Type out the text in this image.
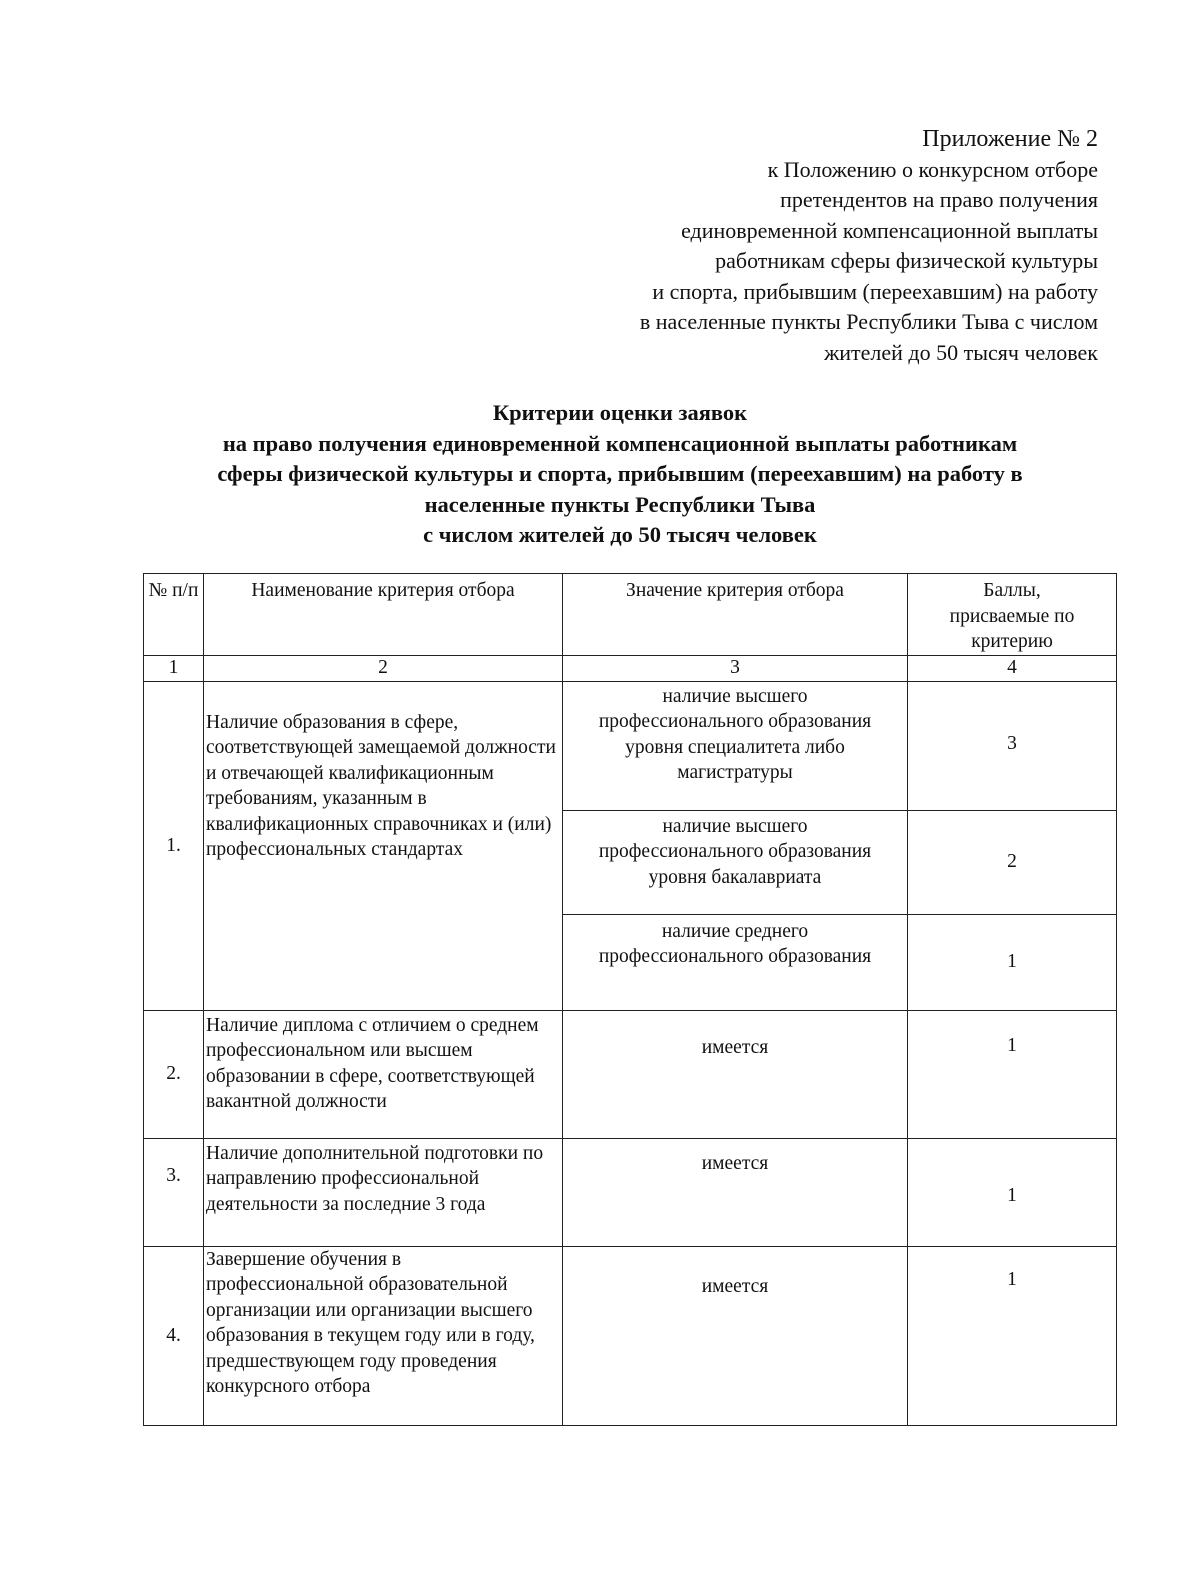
Приложение № 2
к Положению о конкурсном отборе
претендентов на право получения
единовременной компенсационной выплаты
работникам сферы физической культуры
и спорта, прибывшим (переехавшим) на работу
в населенные пункты Республики Тыва с числом
жителей до 50 тысяч человек
Критерии оценки заявок
на право получения единовременной компенсационной выплаты работникам
сферы физической культуры и спорта, прибывшим (переехавшим) на работу в
населенные пункты Республики Тыва
с числом жителей до 50 тысяч человек
№ п/п	Наименование критерия отбора	Значение критерия отбора	Баллы, присваемые по критерию

1	2	3	4
1.	Наличие образования в сфере, соответствующей замещаемой должности и отвечающей квалификационным требованиям, указанным в квалификационных справочниках и (или) профессиональных стандартах	наличие высшего профессионального образования уровня специалитета либо магистратуры	3

		наличие высшего профессионального образования уровня бакалавриата	2

		наличие среднего профессионального образования	1

2.	Наличие диплома с отличием о среднем профессиональном или высшем образовании в сфере, соответствующей вакантной должности	имеется	1

3.	Наличие дополнительной подготовки по направлению профессиональной деятельности за последние 3 года	имеется	1

4.	Завершение обучения в профессиональной образовательной организации или организации высшего образования в текущем году или в году, предшествующем году проведения конкурсного отбора	имеется	1
